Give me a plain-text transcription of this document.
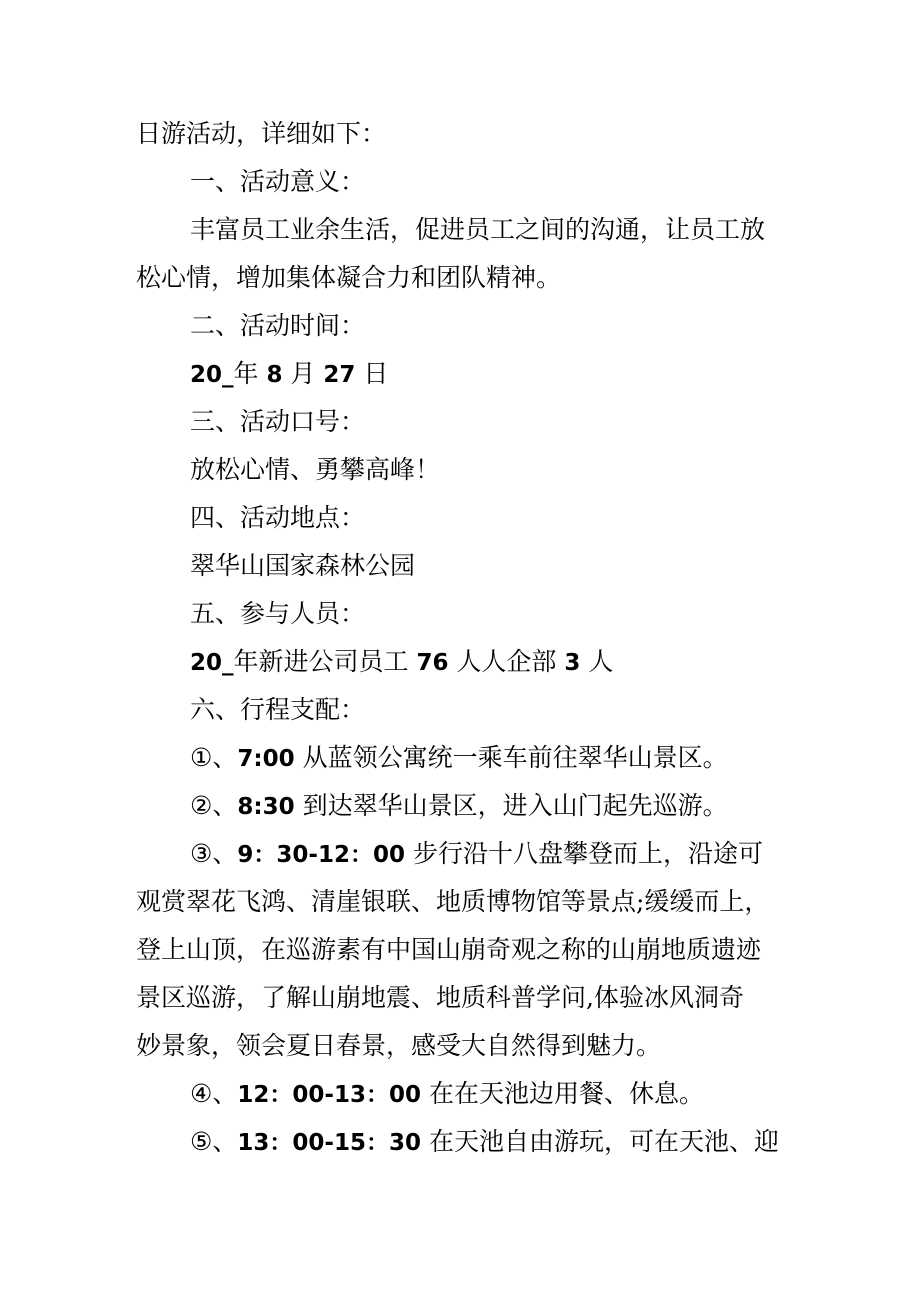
日游活动，详细如下：
一、活动意义：
丰富员工业余生活，促进员工之间的沟通，让员工放
松心情，增加集体凝合力和团队精神。
二、活动时间：
20_年 8 月 27 日
三、活动口号：
放松心情、勇攀高峰！
四、活动地点：
翠华山国家森林公园
五、参与人员：
20_年新进公司员工 76 人人企部 3 人
六、行程支配：
①、7:00 从蓝领公寓统一乘车前往翠华山景区。
②、8:30 到达翠华山景区，进入山门起先巡游。
③、9：30-12：00 步行沿十八盘攀登而上，沿途可
观赏翠花飞鸿、清崖银联、地质博物馆等景点;缓缓而上，
登上山顶，在巡游素有中国山崩奇观之称的山崩地质遗迹
景区巡游，了解山崩地震、地质科普学问,体验冰风洞奇
妙景象，领会夏日春景，感受大自然得到魅力。
④、12：00-13：00 在在天池边用餐、休息。
⑤、13：00-15：30 在天池自由游玩，可在天池、迎
